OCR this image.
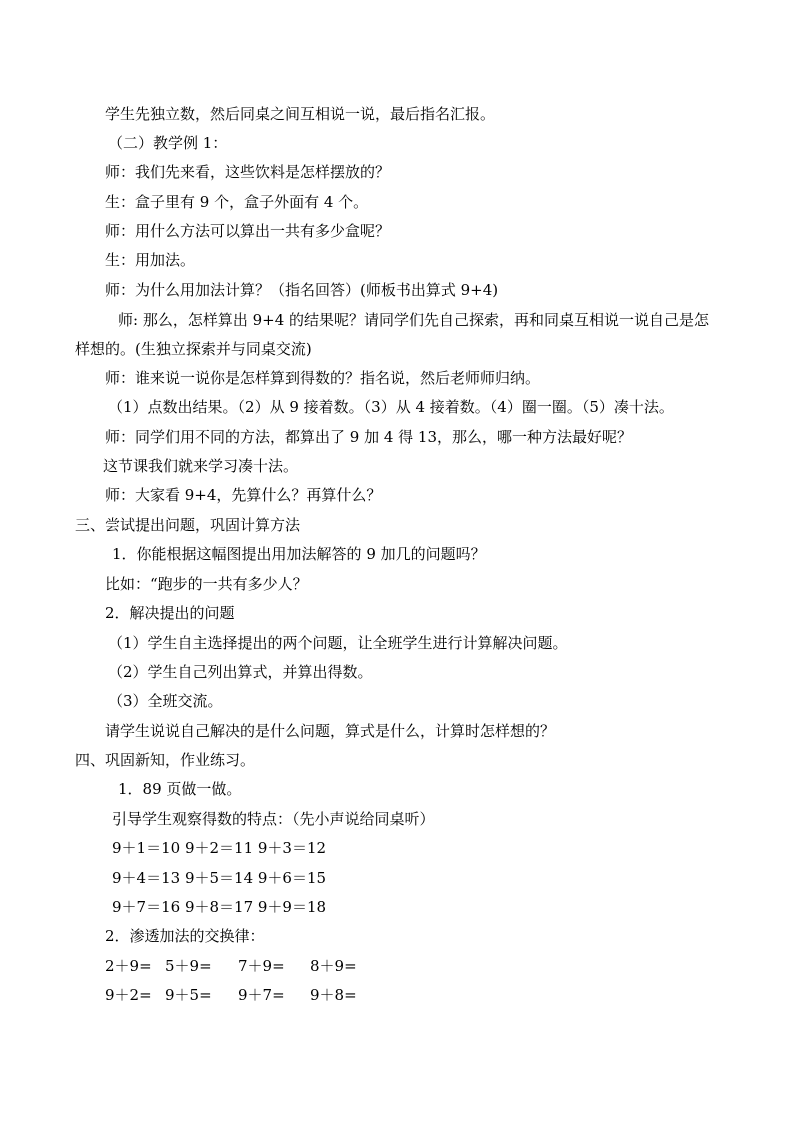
学生先独立数，然后同桌之间互相说一说，最后指名汇报。
（二）教学例 1：
师：我们先来看，这些饮料是怎样摆放的？
生：盒子里有 9 个，盒子外面有 4 个。
师：用什么方法可以算出一共有多少盒呢？
生：用加法。
师：为什么用加法计算？（指名回答）(师板书出算式 9+4)
师: 那么，怎样算出 9+4 的结果呢？请同学们先自己探索，再和同桌互相说一说自己是怎
样想的。(生独立探索并与同桌交流)
师：谁来说一说你是怎样算到得数的？指名说，然后老师师归纳。
（1）点数出结果。（2）从 9 接着数。（3）从 4 接着数。（4）圈一圈。（5）凑十法。
师：同学们用不同的方法，都算出了 9 加 4 得 13，那么，哪一种方法最好呢？
这节课我们就来学习凑十法。
师：大家看 9+4，先算什么？再算什么？
三、尝试提出问题，巩固计算方法
1．你能根据这幅图提出用加法解答的 9 加几的问题吗？
比如：“跑步的一共有多少人？
2．解决提出的问题
（1）学生自主选择提出的两个问题，让全班学生进行计算解决问题。
（2）学生自己列出算式，并算出得数。
（3）全班交流。
请学生说说自己解决的是什么问题，算式是什么，计算时怎样想的？
四、巩固新知，作业练习。
1．89 页做一做。
引导学生观察得数的特点：（先小声说给同桌听）
9＋1＝10 9＋2＝11 9＋3＝12
9＋4＝13 9＋5＝14 9＋6＝15
9＋7＝16 9＋8＝17 9＋9＝18
2．渗透加法的交换律：
2＋9= 5＋9= 7＋9= 8＋9=
9＋2= 9＋5= 9＋7= 9＋8=
